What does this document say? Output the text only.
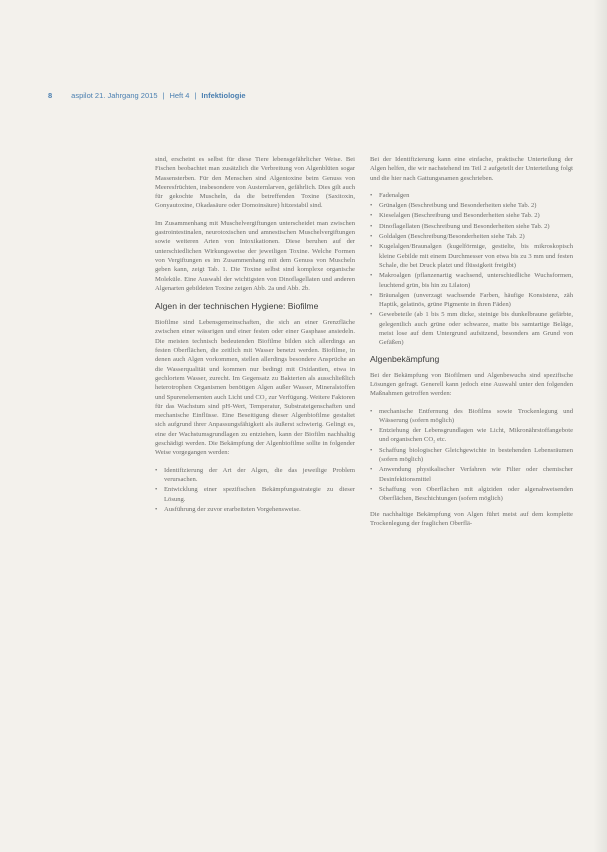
8	aspilot 21. Jahrgang 2015 | Heft 4 | Infektiologie

sind, erscheint es selbst für diese Tiere lebensgefährlicher Weise. Bei Fischen beobachtet man zusätzlich die Verbreitung von Algenblüten sogar Massensterben. Für den Menschen sind Algentoxine beim Genuss von Meeresfrüchten, insbesondere von Austernlarven, gefährlich. Dies gilt auch für gekochte Muscheln, da die betreffenden Toxine (Saxitoxin, Gonyautoxine, Okadasäure oder Domoinsäure) hitzestabil sind.

Im Zusammenhang mit Muschelvergiftungen unterscheidet man zwischen gastrointestinalen, neurotoxischen und amnestischen Muschelvergiftungen sowie weiteren Arten von Intoxikationen. Diese beruhen auf der unterschiedlichen Wirkungsweise der jeweiligen Toxine. Welche Formen von Vergiftungen es im Zusammenhang mit dem Genuss von Muscheln geben kann, zeigt Tab. 1. Die Toxine selbst sind komplexe organische Moleküle. Eine Auswahl der wichtigsten von Dinoflagellaten und anderen Algenarten gebildeten Toxine zeigen Abb. 2a und Abb. 2b.

Algen in der technischen Hygiene: Biofilme

Biofilme sind Lebensgemeinschaften, die sich an einer Grenzfläche zwischen einer wässrigen und einer festen oder einer Gasphase ansiedeln. Die meisten technisch bedeutenden Biofilme bilden sich allerdings an festen Oberflächen, die zeitlich mit Wasser benetzt werden. Biofilme, in denen auch Algen vorkommen, stellen allerdings besondere Ansprüche an die Wasserqualität und kommen nur bedingt mit Oxidantien, etwa in gechlortem Wasser, zurecht. Im Gegensatz zu Bakterien als ausschließlich heterotrophen Organismen benötigen Algen außer Wasser, Mineralstoffen und Spurenelementen auch Licht und CO₂ zur Verfügung. Weitere Faktoren für das Wachstum sind pH-Wert, Temperatur, Substrateigenschaften und mechanische Einflüsse. Eine Beseitigung dieser Algenbiofilme gestaltet sich aufgrund ihrer Anpassungsfähigkeit als äußerst schwierig. Gelingt es, eine der Wachstumsgrundlagen zu entziehen, kann der Biofilm nachhaltig geschädigt werden. Die Bekämpfung der Algenbiofilme sollte in folgender Weise vorgegangen werden:

• Identifizierung der Art der Algen, die das jeweilige Problem verursachen.
• Entwicklung einer spezifischen Bekämpfungsstrategie zu dieser Lösung.
• Ausführung der zuvor erarbeiteten Vorgehensweise.

Bei der Identifizierung kann eine einfache, praktische Unterteilung der Algen helfen, die wir nachstehend im Teil 2 aufgeteilt der Unterteilung folgt und die hier nach Gattungsnamen geschrieben.

• Fadenalgen
• Grünalgen (Beschreibung und Besonderheiten siehe Tab. 2)
• Kieselalgen (Beschreibung und Besonderheiten siehe Tab. 2)
• Dinoflagellaten (Beschreibung und Besonderheiten siehe Tab. 2)
• Goldalgen (Beschreibung/Besonderheiten siehe Tab. 2)
• Kugelalgen/Braunalgen (kugelförmige, gestielte, bis mikroskopisch kleine Gebilde mit einem Durchmesser von etwa bis zu 3 mm und festen Schale, die bei Druck platzt und flüssigkeit freigibt)
• Makroalgen (pflanzenartig wachsend, unterschiedliche Wuchsformen, leuchtend grün, bis hin zu Lilaton)
• Bräunalgen (unverzagt wachsende Farben, häufige Konsistenz, zäh Haptik, gelatinös, grüne Pigmente in ihren Fäden)
• Gewebeteile (ab 1 bis 5 mm dicke, steinige bis dunkelbraune gefärbte, gelegentlich auch grüne oder schwarze, matte bis samtartige Beläge, meist lose auf dem Untergrund aufsitzend, besonders am Grund von Gefäßen)
Algenbekämpfung

Bei der Bekämpfung von Biofilmen und Algenbewuchs sind spezifische Lösungen gefragt. Generell kann jedoch eine Auswahl unter den folgenden Maßnahmen getroffen werden:

• mechanische Entfernung des Biofilms sowie Trockenlegung und Wässerung (sofern möglich)
• Entziehung der Lebensgrundlagen wie Licht, Mikronährstoffangebote und organischen CO₂ etc.
• Schaffung biologischer Gleichgewichte in bestehenden Lebensräumen (sofern möglich)
• Anwendung physikalischer Verfahren wie Filter oder chemischer Desinfektionsmittel
• Schaffung von Oberflächen mit algiziden oder algenabweisenden Oberflächen, Beschichtungen (sofern möglich)

Die nachhaltige Bekämpfung von Algen führt meist auf dem komplette Trockenlegung der fraglichen Oberflä-
